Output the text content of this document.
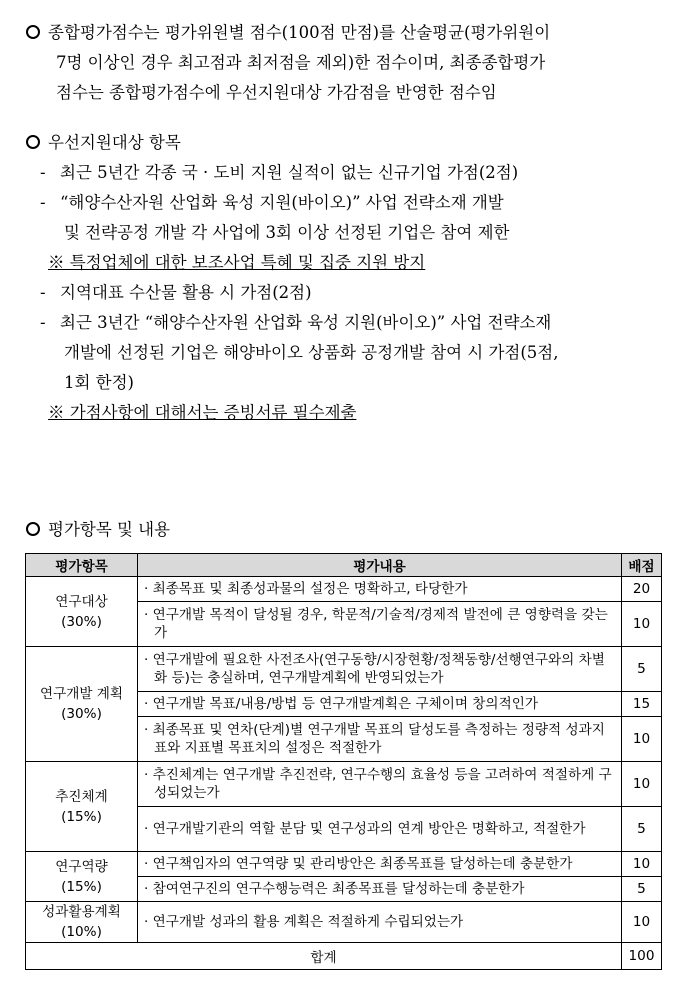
종합평가점수는 평가위원별 점수(100점 만점)를 산술평균(평가위원이
7명 이상인 경우 최고점과 최저점을 제외)한 점수이며, 최종종합평가
점수는 종합평가점수에 우선지원대상 가감점을 반영한 점수임
우선지원대상 항목
- 최근 5년간 각종 국 · 도비 지원 실적이 없는 신규기업 가점(2점)
- “해양수산자원 산업화 육성 지원(바이오)” 사업 전략소재 개발
및 전략공정 개발 각 사업에 3회 이상 선정된 기업은 참여 제한
※ 특정업체에 대한 보조사업 특혜 및 집중 지원 방지
- 지역대표 수산물 활용 시 가점(2점)
- 최근 3년간 “해양수산자원 산업화 육성 지원(바이오)” 사업 전략소재
개발에 선정된 기업은 해양바이오 상품화 공정개발 참여 시 가점(5점,
1회 한정)
※ 가점사항에 대해서는 증빙서류 필수제출
평가항목 및 내용
평가항목	평가내용	배점

연구대상
(30%)	· 최종목표 및 최종성과물의 설정은 명확하고, 타당한가	20
	· 연구개발 목적이 달성될 경우, 학문적/기술적/경제적 발전에 큰 영향력을 갖는가	10

연구개발 계획
(30%)	· 연구개발에 필요한 사전조사(연구동향/시장현황/정책동향/선행연구와의 차별화 등)는 충실하며, 연구개발계획에 반영되었는가	5
	· 연구개발 목표/내용/방법 등 연구개발계획은 구체이며 창의적인가	15
	· 최종목표 및 연차(단계)별 연구개발 목표의 달성도를 측정하는 정량적 성과지표와 지표별 목표치의 설정은 적절한가	10

추진체계
(15%)	· 추진체계는 연구개발 추진전략, 연구수행의 효율성 등을 고려하여 적절하게 구성되었는가	10
	· 연구개발기관의 역할 분담 및 연구성과의 연계 방안은 명확하고, 적절한가	5

연구역량
(15%)	· 연구책임자의 연구역량 및 관리방안은 최종목표를 달성하는데 충분한가	10
	· 참여연구진의 연구수행능력은 최종목표를 달성하는데 충분한가	5

성과활용계획
(10%)	· 연구개발 성과의 활용 계획은 적절하게 수립되었는가	10
합계		100
